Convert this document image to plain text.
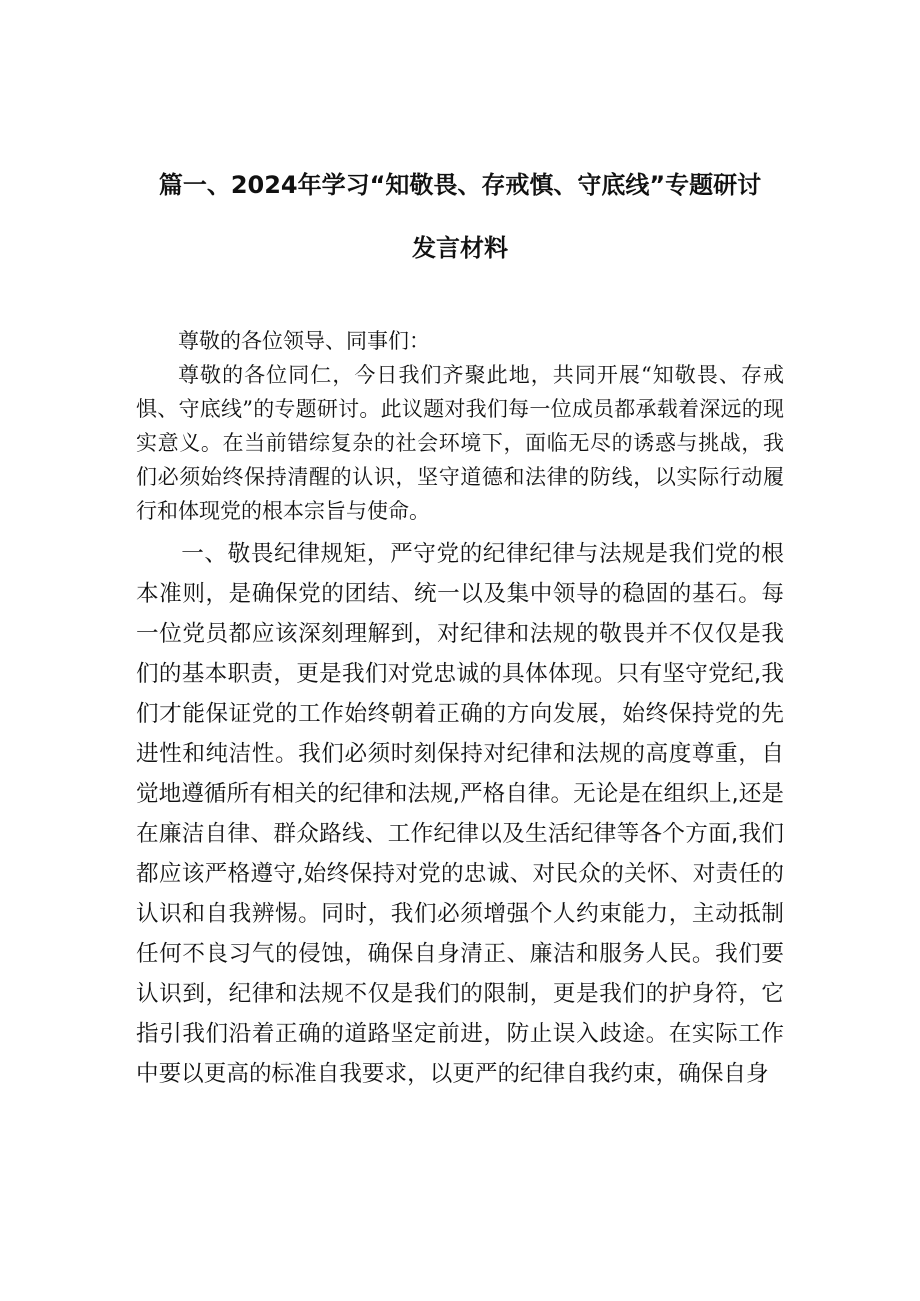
篇一、2024年学习“知敬畏、存戒慎、守底线”专题研讨
发言材料

尊敬的各位领导、同事们：

尊敬的各位同仁，今日我们齐聚此地，共同开展“知敬畏、存戒惧、守底线”的专题研讨。此议题对我们每一位成员都承载着深远的现实意义。在当前错综复杂的社会环境下，面临无尽的诱惑与挑战，我们必须始终保持清醒的认识，坚守道德和法律的防线，以实际行动履行和体现党的根本宗旨与使命。

一、敬畏纪律规矩，严守党的纪律纪律与法规是我们党的根本准则，是确保党的团结、统一以及集中领导的稳固的基石。每一位党员都应该深刻理解到，对纪律和法规的敬畏并不仅仅是我们的基本职责，更是我们对党忠诚的具体体现。只有坚守党纪,我们才能保证党的工作始终朝着正确的方向发展，始终保持党的先进性和纯洁性。我们必须时刻保持对纪律和法规的高度尊重，自觉地遵循所有相关的纪律和法规,严格自律。无论是在组织上,还是在廉洁自律、群众路线、工作纪律以及生活纪律等各个方面,我们都应该严格遵守,始终保持对党的忠诚、对民众的关怀、对责任的认识和自我辨惕。同时，我们必须增强个人约束能力，主动抵制任何不良习气的侵蚀，确保自身清正、廉洁和服务人民。我们要认识到，纪律和法规不仅是我们的限制，更是我们的护身符，它指引我们沿着正确的道路坚定前进，防止误入歧途。在实际工作中要以更高的标准自我要求，以更严的纪律自我约束，确保自身
